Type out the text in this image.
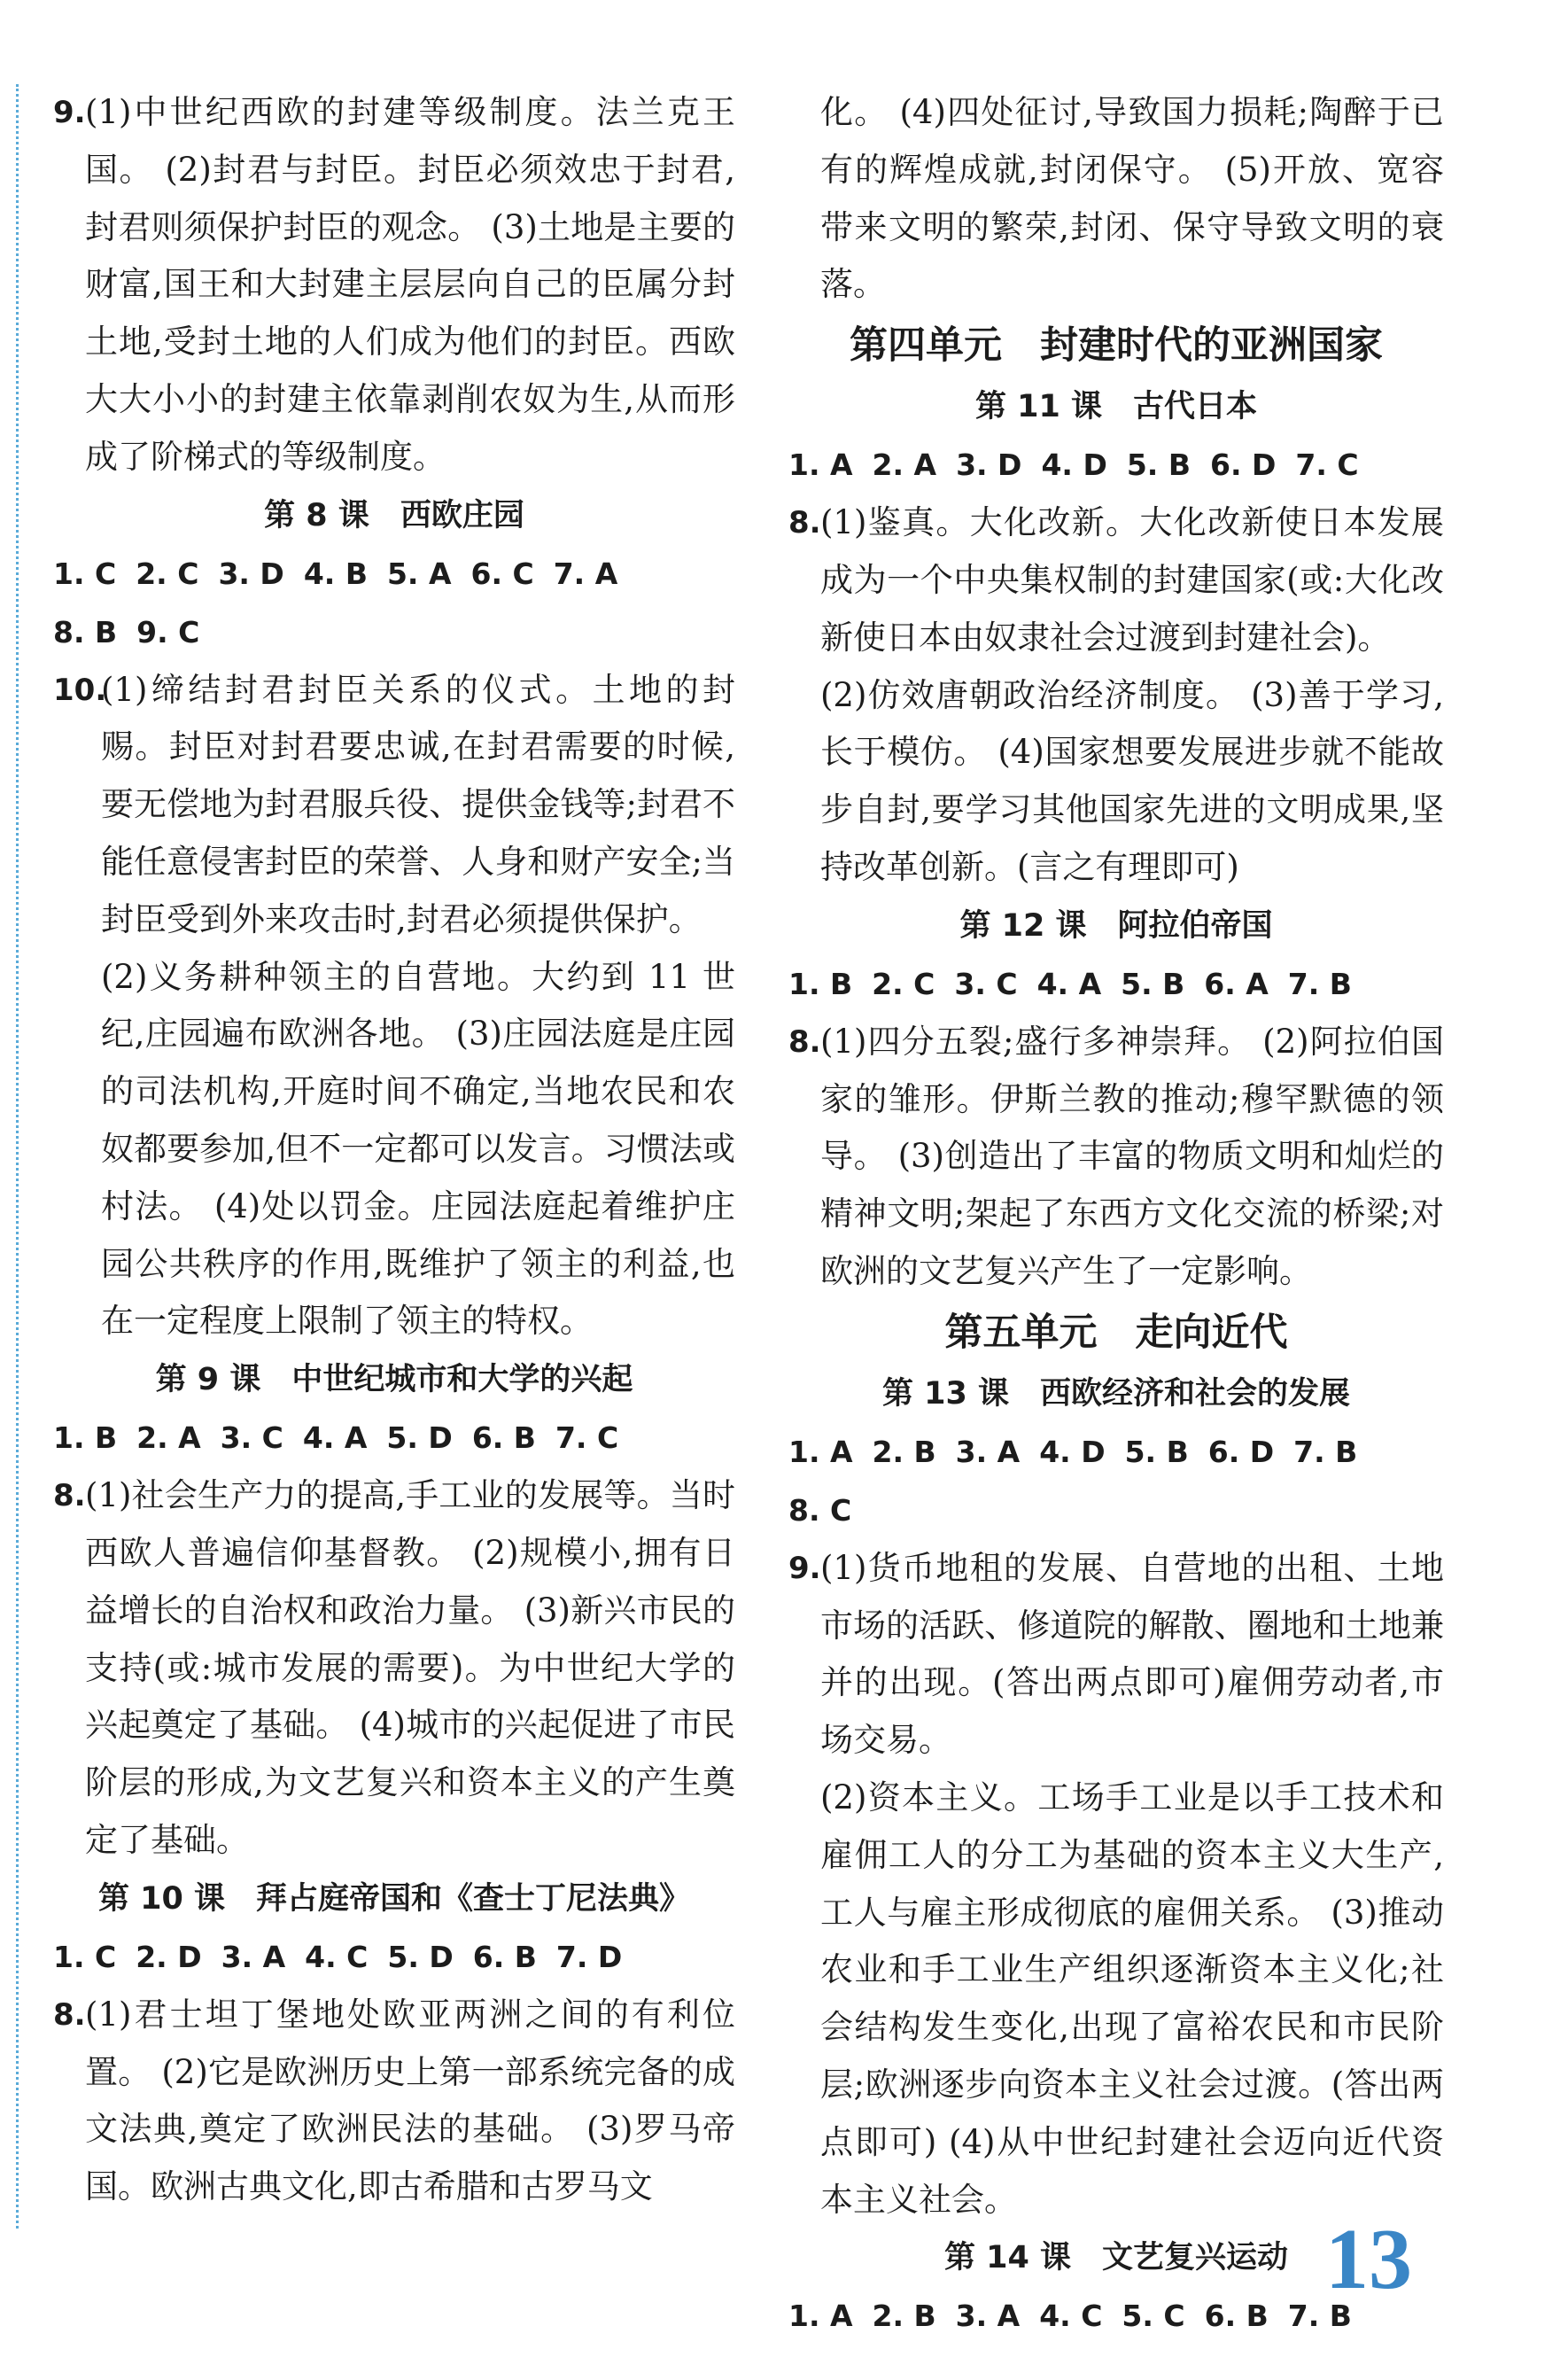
9. (1)中世纪西欧的封建等级制度。法兰克王国。 (2)封君与封臣。封臣必须效忠于封君,封君则须保护封臣的观念。 (3)土地是主要的财富,国王和大封建主层层向自己的臣属分封土地,受封土地的人们成为他们的封臣。西欧大大小小的封建主依靠剥削农奴为生,从而形成了阶梯式的等级制度。
第 8 课　西欧庄园
1. C 2. C 3. D 4. B 5. A 6. C 7. A
8. B 9. C
10.
(1)缔结封君封臣关系的仪式。土地的封赐。封臣对封君要忠诚,在封君需要的时候,要无偿地为封君服兵役、提供金钱等;封君不能任意侵害封臣的荣誉、人身和财产安全;当封臣受到外来攻击时,封君必须提供保护。
(2)义务耕种领主的自营地。大约到 11 世纪,庄园遍布欧洲各地。 (3)庄园法庭是庄园的司法机构,开庭时间不确定,当地农民和农奴都要参加,但不一定都可以发言。习惯法或村法。 (4)处以罚金。庄园法庭起着维护庄园公共秩序的作用,既维护了领主的利益,也在一定程度上限制了领主的特权。
第 9 课　中世纪城市和大学的兴起
1. B 2. A 3. C 4. A 5. D 6. B 7. C
8. (1)社会生产力的提高,手工业的发展等。当时西欧人普遍信仰基督教。 (2)规模小,拥有日益增长的自治权和政治力量。 (3)新兴市民的支持(或:城市发展的需要)。为中世纪大学的兴起奠定了基础。 (4)城市的兴起促进了市民阶层的形成,为文艺复兴和资本主义的产生奠定了基础。
第 10 课　拜占庭帝国和《查士丁尼法典》
1. C 2. D 3. A 4. C 5. D 6. B 7. D
8. (1)君士坦丁堡地处欧亚两洲之间的有利位置。 (2)它是欧洲历史上第一部系统完备的成文法典,奠定了欧洲民法的基础。 (3)罗马帝国。欧洲古典文化,即古希腊和古罗马文
化。 (4)四处征讨,导致国力损耗;陶醉于已有的辉煌成就,封闭保守。 (5)开放、宽容带来文明的繁荣,封闭、保守导致文明的衰落。
第四单元　封建时代的亚洲国家
第 11 课　古代日本
1. A 2. A 3. D 4. D 5. B 6. D 7. C
8. (1)鉴真。大化改新。大化改新使日本发展成为一个中央集权制的封建国家(或:大化改新使日本由奴隶社会过渡到封建社会)。
(2)仿效唐朝政治经济制度。 (3)善于学习,长于模仿。 (4)国家想要发展进步就不能故步自封,要学习其他国家先进的文明成果,坚持改革创新。(言之有理即可)
第 12 课　阿拉伯帝国
1. B 2. C 3. C 4. A 5. B 6. A 7. B
8. (1)四分五裂;盛行多神崇拜。 (2)阿拉伯国家的雏形。伊斯兰教的推动;穆罕默德的领导。 (3)创造出了丰富的物质文明和灿烂的精神文明;架起了东西方文化交流的桥梁;对欧洲的文艺复兴产生了一定影响。
第五单元　走向近代
第 13 课　西欧经济和社会的发展
1. A 2. B 3. A 4. D 5. B 6. D 7. B
8. C
9. (1)货币地租的发展、自营地的出租、土地市场的活跃、修道院的解散、圈地和土地兼并的出现。(答出两点即可)雇佣劳动者,市场交易。
(2)资本主义。工场手工业是以手工技术和雇佣工人的分工为基础的资本主义大生产,工人与雇主形成彻底的雇佣关系。 (3)推动农业和手工业生产组织逐渐资本主义化;社会结构发生变化,出现了富裕农民和市民阶层;欧洲逐步向资本主义社会过渡。(答出两点即可) (4)从中世纪封建社会迈向近代资本主义社会。
第 14 课　文艺复兴运动
1. A 2. B 3. A 4. C 5. C 6. B 7. B
13
